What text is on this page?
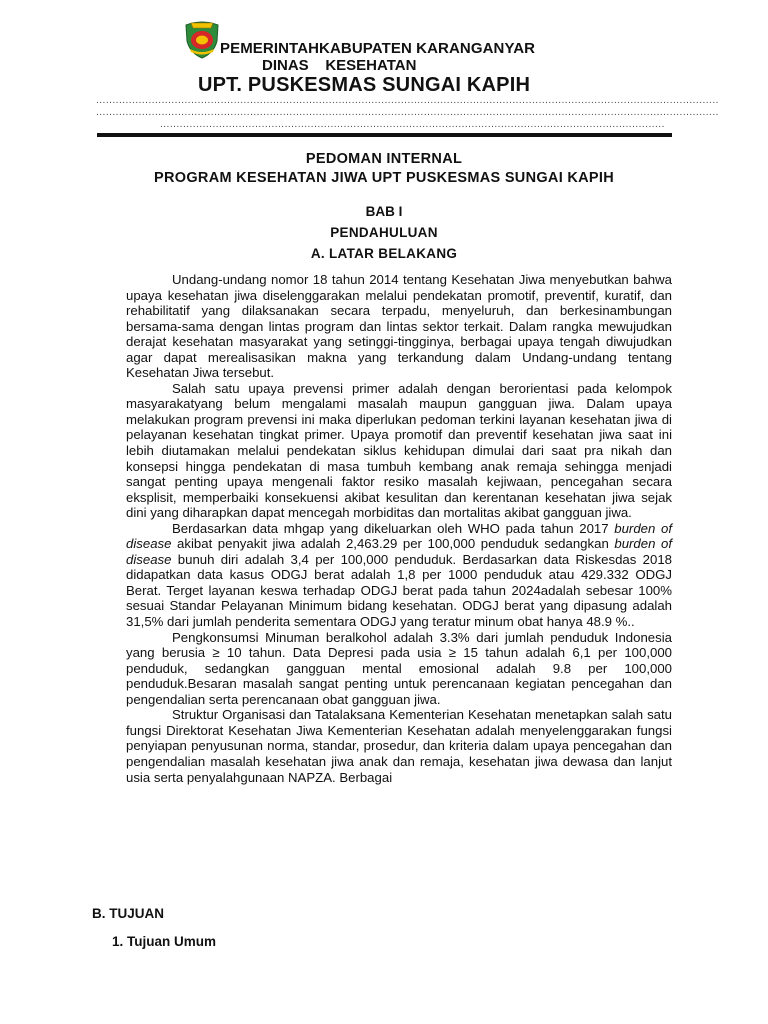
PEMERINTAHKABUPATEN KARANGANYAR
DINAS    KESEHATAN
UPT. PUSKESMAS SUNGAI KAPIH
..............................................................................................................................................................................................
..............................................................................................................................................................................................
..........................................................................................................................................................
PEDOMAN INTERNAL
PROGRAM KESEHATAN JIWA UPT PUSKESMAS SUNGAI KAPIH
BAB I
PENDAHULUAN
A. LATAR BELAKANG

Undang-undang nomor 18 tahun 2014 tentang Kesehatan Jiwa menyebutkan bahwa upaya kesehatan jiwa diselenggarakan melalui pendekatan promotif, preventif, kuratif, dan rehabilitatif yang dilaksanakan secara terpadu, menyeluruh, dan berkesinambungan bersama-sama dengan lintas program dan lintas sektor terkait. Dalam rangka mewujudkan derajat kesehatan masyarakat yang setinggi-tingginya, berbagai upaya tengah diwujudkan agar dapat merealisasikan makna yang terkandung dalam Undang-undang tentang Kesehatan Jiwa tersebut.

Salah satu upaya prevensi primer adalah dengan berorientasi pada kelompok masyarakatyang belum mengalami masalah maupun gangguan jiwa. Dalam upaya melakukan program prevensi ini maka diperlukan pedoman terkini layanan kesehatan jiwa di pelayanan kesehatan tingkat primer. Upaya promotif dan preventif kesehatan jiwa saat ini lebih diutamakan melalui pendekatan siklus kehidupan dimulai dari saat pra nikah dan konsepsi hingga pendekatan di masa tumbuh kembang anak remaja sehingga menjadi sangat penting upaya mengenali faktor resiko masalah kejiwaan, pencegahan secara eksplisit, memperbaiki konsekuensi akibat kesulitan dan kerentanan kesehatan jiwa sejak dini yang diharapkan dapat mencegah morbiditas dan mortalitas akibat gangguan jiwa.

Berdasarkan data mhgap yang dikeluarkan oleh WHO pada tahun 2017 burden of disease akibat penyakit jiwa adalah 2,463.29 per 100,000 penduduk sedangkan burden of disease bunuh diri adalah 3,4 per 100,000 penduduk. Berdasarkan data Riskesdas 2018 didapatkan data kasus ODGJ berat adalah 1,8 per 1000 penduduk atau 429.332 ODGJ Berat. Terget layanan keswa terhadap ODGJ berat pada tahun 2024adalah sebesar 100% sesuai Standar Pelayanan Minimum bidang kesehatan. ODGJ berat yang dipasung adalah 31,5% dari jumlah penderita sementara ODGJ yang teratur minum obat hanya 48.9 %..

Pengkonsumsi Minuman beralkohol adalah 3.3% dari jumlah penduduk Indonesia yang berusia ≥ 10 tahun. Data Depresi pada usia ≥ 15 tahun adalah 6,1 per 100,000 penduduk, sedangkan gangguan mental emosional adalah 9.8 per 100,000 penduduk.Besaran masalah sangat penting untuk perencanaan kegiatan pencegahan dan pengendalian serta perencanaan obat gangguan jiwa.

Struktur Organisasi dan Tatalaksana Kementerian Kesehatan menetapkan salah satu fungsi Direktorat Kesehatan Jiwa Kementerian Kesehatan adalah menyelenggarakan fungsi penyiapan penyusunan norma, standar, prosedur, dan kriteria dalam upaya pencegahan dan pengendalian masalah kesehatan jiwa anak dan remaja, kesehatan jiwa dewasa dan lanjut usia serta penyalahgunaan NAPZA. Berbagai

B. TUJUAN
1. Tujuan Umum
